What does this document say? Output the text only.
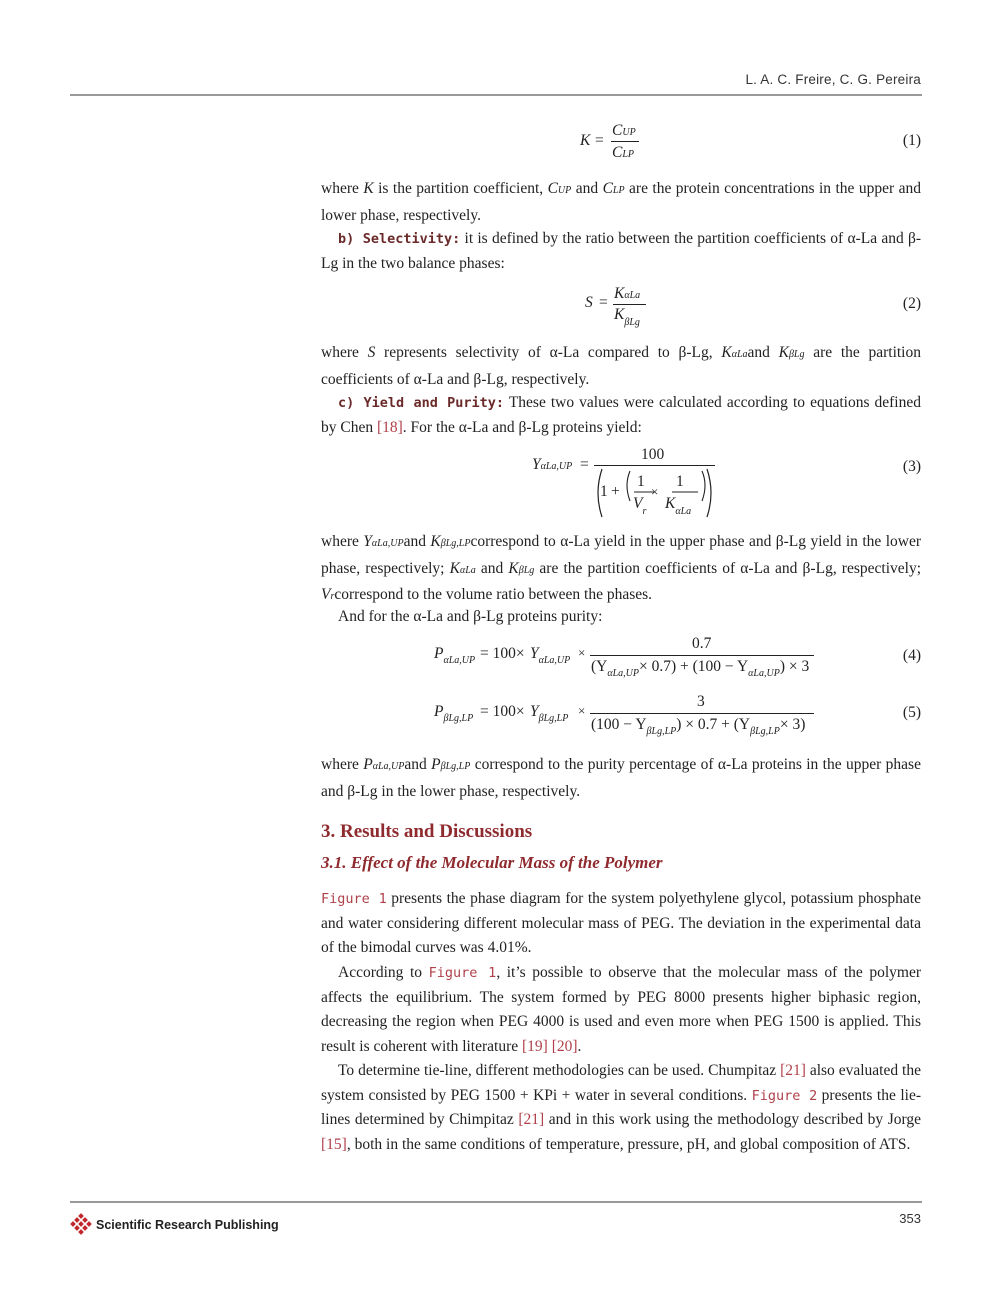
L. A. C. Freire, C. G. Pereira
K =
CUP
CLP
(1)

where K is the partition coefficient, CUP and CLP are the protein concentrations in the upper and lower phase, respectively.

b) Selectivity: it is defined by the ratio between the partition coefficients of α-La and β-Lg in the two balance phases:

S =
KαLa
$K_{\beta Lg}$
(2)

where S represents selectivity of α-La compared to β-Lg, KαLaand KβLg are the partition coefficients of α-La and β-Lg, respectively.

c) Yield and Purity: These two values were calculated according to equations defined by Chen [18]. For the α-La and β-Lg proteins yield:

YαLa,UP =
100
1 +
1
$V_r$
×
1
$K_{\alpha La}$
(3)

where YαLa,UPand KβLg,LPcorrespond to α-La yield in the upper phase and β-Lg yield in the lower phase, respectively; KαLa and KβLg are the partition coefficients of α-La and β-Lg, respectively; Vrcorrespond to the volume ratio between the phases.

And for the α-La and β-Lg proteins purity:

$P_{\alpha La,UP} = 100\times Y_{\alpha La,UP}$
×
0.7
$(Y_{\alpha La,UP}\times 0.7) + (100 - Y_{\alpha La,UP}) \times 3$
(4)
$P_{\beta Lg,LP} = 100\times Y_{\beta Lg,LP}$
×
3
$(100 - Y_{\beta Lg,LP}) \times 0.7 + (Y_{\beta Lg,LP}\times 3)$
(5)

where PαLa,UPand PβLg,LP correspond to the purity percentage of α-La proteins in the upper phase and β-Lg in the lower phase, respectively.

3. Results and Discussions
3.1. Effect of the Molecular Mass of the Polymer

Figure 1 presents the phase diagram for the system polyethylene glycol, potassium phosphate and water considering different molecular mass of PEG. The deviation in the experimental data of the bimodal curves was 4.01%.

According to Figure 1, it’s possible to observe that the molecular mass of the polymer affects the equilibrium. The system formed by PEG 8000 presents higher biphasic region, decreasing the region when PEG 4000 is used and even more when PEG 1500 is applied. This result is coherent with literature [19] [20].

To determine tie-line, different methodologies can be used. Chumpitaz [21] also evaluated the system consisted by PEG 1500 + KPi + water in several conditions. Figure 2 presents the lie-lines determined by Chimpitaz [21] and in this work using the methodology described by Jorge [15], both in the same conditions of temperature, pressure, pH, and global composition of ATS.

Scientific Research Publishing	353
